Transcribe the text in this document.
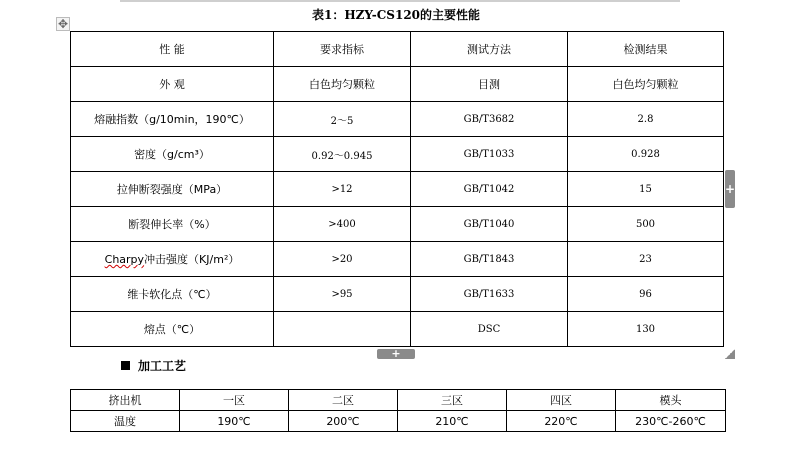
表1：HZY-CS120的主要性能
✥
性 能	要求指标	测试方法	检测结果
外 观	白色均匀颗粒	目测	白色均匀颗粒
熔融指数（g/10min，190℃）	2～5	GB/T3682	2.8
密度（g/cm³）	0.92～0.945	GB/T1033	0.928
拉伸断裂强度（MPa）	>12	GB/T1042	15
断裂伸长率（%）	>400	GB/T1040	500
Charpy冲击强度（KJ/m²）	>20	GB/T1843	23
维卡软化点（℃）	>95	GB/T1633	96
熔点（℃）		DSC	130
+
+
加工工艺
挤出机	一区	二区	三区	四区	模头
温度	190℃	200℃	210℃	220℃	230℃-260℃
